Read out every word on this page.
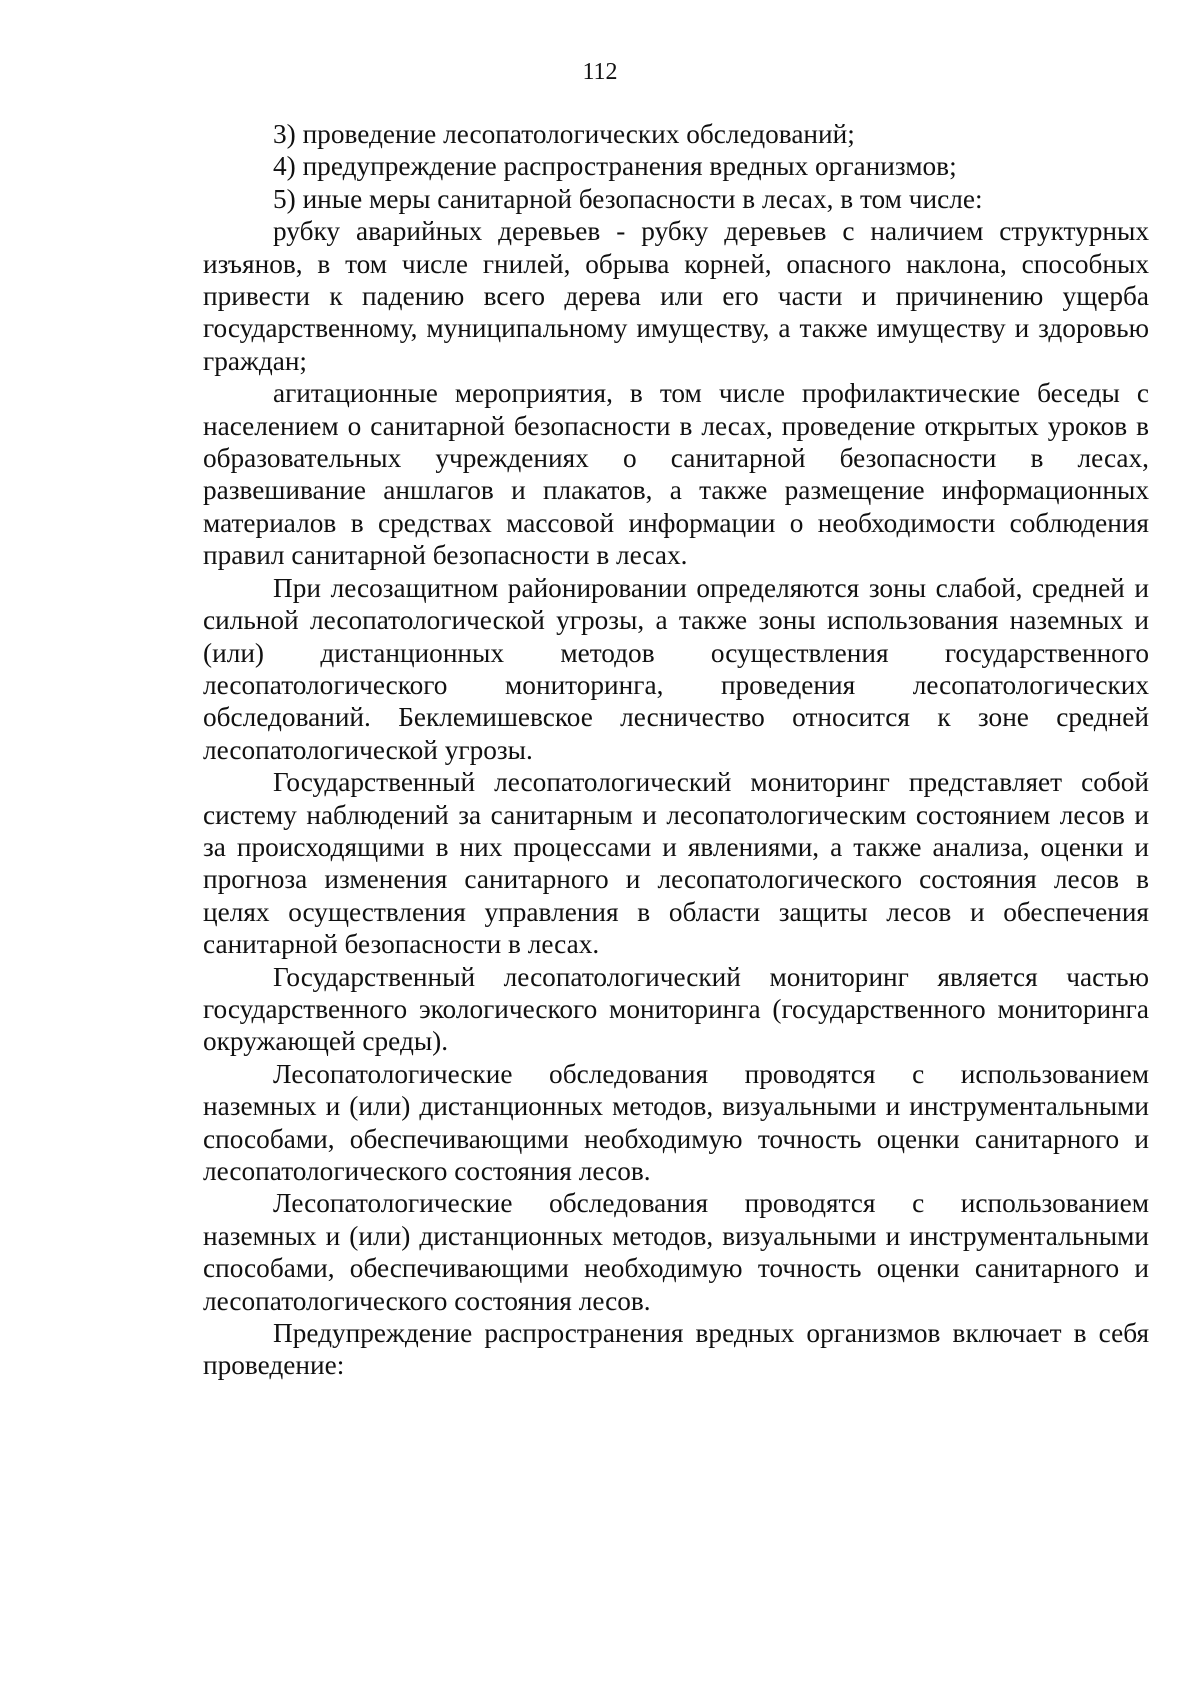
112

3) проведение лесопатологических обследований;

4) предупреждение распространения вредных организмов;

5) иные меры санитарной безопасности в лесах, в том числе:

рубку аварийных деревьев - рубку деревьев с наличием структурных изъянов, в том числе гнилей, обрыва корней, опасного наклона, способных привести к падению всего дерева или его части и причинению ущерба государственному, муниципальному имуществу, а также имуществу и здоровью граждан;

агитационные мероприятия, в том числе профилактические беседы с населением о санитарной безопасности в лесах, проведение открытых уроков в образовательных учреждениях о санитарной безопасности в лесах, развешивание аншлагов и плакатов, а также размещение информационных материалов в средствах массовой информации о необходимости соблюдения правил санитарной безопасности в лесах.

При лесозащитном районировании определяются зоны слабой, средней и сильной лесопатологической угрозы, а также зоны использования наземных и (или) дистанционных методов осуществления государственного лесопатологического мониторинга, проведения лесопатологических обследований. Беклемишевское лесничество относится к зоне средней лесопатологической угрозы.

Государственный лесопатологический мониторинг представляет собой систему наблюдений за санитарным и лесопатологическим состоянием лесов и за происходящими в них процессами и явлениями, а также анализа, оценки и прогноза изменения санитарного и лесопатологического состояния лесов в целях осуществления управления в области защиты лесов и обеспечения санитарной безопасности в лесах.

Государственный лесопатологический мониторинг является частью государственного экологического мониторинга (государственного мониторинга окружающей среды).

Лесопатологические обследования проводятся с использованием наземных и (или) дистанционных методов, визуальными и инструментальными способами, обеспечивающими необходимую точность оценки санитарного и лесопатологического состояния лесов.

Лесопатологические обследования проводятся с использованием наземных и (или) дистанционных методов, визуальными и инструментальными способами, обеспечивающими необходимую точность оценки санитарного и лесопатологического состояния лесов.

Предупреждение распространения вредных организмов включает в себя проведение:
